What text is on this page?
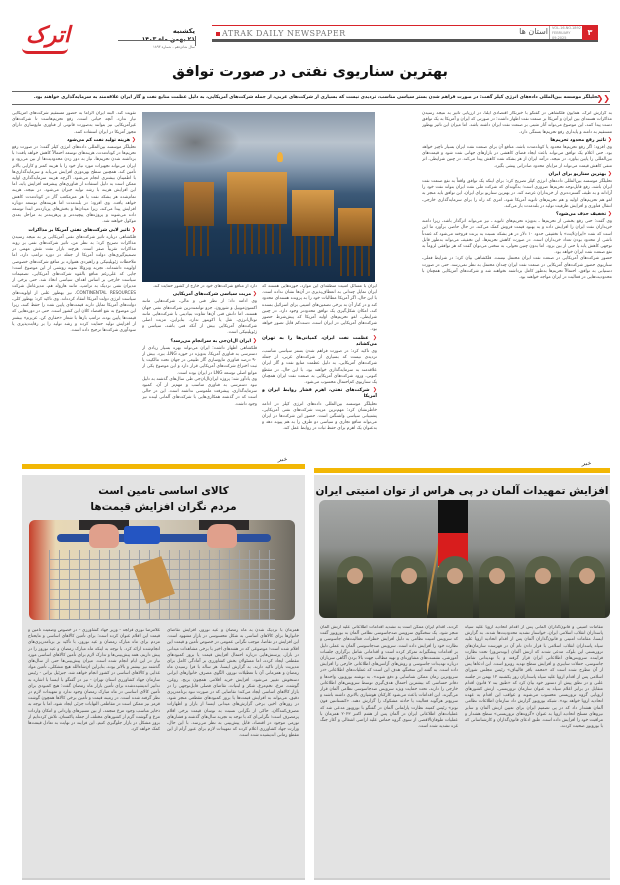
اترک	یکشنبه
سال شانزدهم - شماره ۱۸۹۳
ATRAK DAILY NEWSPAPER	استان ها VOL.16.NO.1892
FEBRUARY 09.2025
۳
بهترین سناریوی نفتی در صورت توافق
❮❮
تحلیلگر موسسه بین‌المللی داده‌های انرژی کپلر گفت: در صورت فراهم شدن بستر سیاسی مناسب، تردیدی نیست که بسیاری از شرکت‌های غربی، از جمله شرکت‌های آمریکایی، به دلیل عظمت منابع نفت و گاز ایران علاقه‌مند به سرمایه‌گذاری خواهند بود.

به گزارش اترک، همایون فلکشاهی در گفتگو با خبرنگار اقتصادی ایلنا، در ارزیابی تاثیر به نتیجه رسیدن مذاکرات هسته‌ای بین ایران و آمریکا بر صنعت نفت اظهار داشت: در صورتی که ایران و آمریکا به یک توافق دست پیدا کنند، این موضوع می‌تواند آثار مثبتی بر صنعت نفت ایران داشته باشد. اما میزان این تاثیر بهطور مستقیم به دامنه و پایداری رفع تحریم‌ها بستگی دارد.

❮ تاثیر رفع محدود تحریم‌ها

وی افزود: اگر رفع تحریم‌ها محدود یا کوتاه‌مدت باشد، منافع آن برای صنعت نفت ایران بسیار ناچیز خواهد بود. حتی اعلام یک توافق می‌تواند باعث ایجاد فضای کاهشی در بازارهای جهانی نفت شود و قیمت‌های بین‌المللی را پایین بیاورد. در نتیجه، درآمد ایران از هر بشکه نفت کاهش پیدا می‌کند. در چنین شرایطی، اثر منفی کاهش قیمت می‌تواند از مزایای محدود صادراتی پیشی بگیرد.

❮ بهترین سناریو برای ایران

تحلیلگر موسسه بین‌المللی داده‌های انرژی کپلر تصریح کرد: برای اینکه یک توافق واقعاً به نفع صنعت نفت ایران باشد، رفع قابل‌توجه تحریم‌ها ضروری است؛ به‌گونه‌ای که شرکت ملی نفت ایران بتواند نفت خود را آزادانه و به طیف گسترده‌تری از خریداران عرضه کند. در بهترین سناریو برای ایران، این توافق باید منجر به لغو هم تحریم‌های اولیه و هم تحریم‌های ثانویه آمریکا شود، امری که راه را برای سرمایه‌گذاری خارجی، انتقال فناوری و افزایش ظرفیت تولید در بلندمدت باز می‌کند.

❮ تخفیف حذف می‌شود؟

وی گفت: حتی رفع بخشی از تحریم‌ها ـ به‌ویژه تحریم‌های ثانویه ـ نیز می‌تواند اثرگذار باشد، زیرا دامنه خریداران نفت ایران را افزایش داده و به بهبود قیمت فروش کمک می‌کند. در حال حاضر، برآورد ما این است که نفت «ایران‌لایت» با تخفیفی حدود ۱۰ دلار در هر بشکه نسبت به برنت فروخته می‌شود که عمدتاً ناشی از محدود بودن تعداد خریداران است. در صورت کاهش تحریم‌ها، این تخفیف می‌تواند به‌طور قابل توجهی کاهش یابد یا حتی از بین برود. اما بدون چنین تحولی، به سختی می‌توان گفت که هر توافقی لزوماً به نفع صنعت نفت ایران خواهد بود.

حضور شرکت‌های آمریکایی در صنعت نفت ایران محتمل نیست. فلکشاهی بیان کرد: در شرایط فعلی، سناریوی حضور شرکت‌های آمریکایی در صنعت نفت ایران چندان محتمل به نظر نمی‌رسد. حتی در صورت دستیابی به توافق، احتمالاً تحریم‌ها به‌طور کامل برداشته نخواهند شد و شرکت‌های آمریکایی همچنان با محدودیت‌هایی در فعالیت در ایران مواجه خواهند بود.

ایران با مسائل امنیت منطقه‌ای این موارد، حوزه‌هایی هستند که ایران تمایل چندانی به انعطاف‌پذیری در آن‌ها نشان نداده است. با این حال، اگر آمریکا مطالبات خود را به پرونده هسته‌ای محدود کند و در کنار آن به برخی تضمین‌های امنیتی برای اسرائیل بسنده کند، امکان شکل‌گیری یک توافق محدودتر وجود دارد. در چنین شرایطی، لغو تحریم‌های اولیه آمریکا که پیش‌شرط حضور شرکت‌های آمریکایی در ایران است، دست‌کم قابل تصور خواهد بود.

❮ عظمت نفت ایران، کمپانی‌ها را به تهران می‌کشاند

وی تاکید کرد: در صورت فراهم شدن بستر سیاسی مناسب، تردیدی نیست که بسیاری از شرکت‌های غربی، از جمله شرکت‌های آمریکایی، به دلیل عظمت منابع نفت و گاز ایران علاقه‌مند به سرمایه‌گذاری خواهند بود. با این حال، در مقطع کنونی، ورود شرکت‌های آمریکایی به صنعت نفت ایران همچنان یک سناریوی کم‌احتمال محسوب می‌شود.

❮ شرکت‌های نفتی، اهرم فشار روابط ایران و آمریکا

تحلیلگر موسسه بین‌المللی داده‌های انرژی کپلر در ادامه خاطرنشان کرد: مهم‌ترین مزیت شرکت‌های نفتی آمریکایی، پشتیبانی سیاسی واشنگتن است. حضور این شرکت‌ها در ایران می‌تواند منافع تجاری و سیاسی دو طرف را به هم پیوند دهد و به‌عنوان یک اهرم برای حفظ ثبات در روابط عمل کند.

دارد از منافع شرکت‌های خود در خارج از کشور حمایت کند.

❮ مزیت سیاسی شرکت‌های آمریکایی

وی ادامه داد: از نظر فنی و مالی، شرکت‌هایی مانند اکسون‌موبیل و شورون، جزو توانمندترین شرکت‌های نفتی جهان هستند، اما دانش فنی آن‌ها تفاوت بنیادینی با شرکت‌هایی مانند توتال‌انرژی، شل یا اکوینور ندارد. بنابراین، مزیت اصلی شرکت‌های آمریکایی بیش از آنکه فنی باشد، سیاسی و ژئوپلیتیکی است.

❮ ایران ال‌ان‌جی به سرانجام می‌رسد؟

فلکشاهی اظهار داشت: ایران می‌تواند بهره بسیار زیادی از دسترسی به فناوری آمریکا، به‌ویژه در حوزه LNG، ببرد. بیش از ۹۰ درصد فناوری مایع‌سازی گاز طبیعی در جهان تحت مالکیت یا ثبت اختراع شرکت‌های آمریکایی قرار دارد و این موضوع یکی از موانع اصلی توسعه LNG در ایران بوده است.

وی یادآور شد: پروژه ایران‌ال‌ان‌جی طی سال‌های گذشته به دلیل نبود دسترسی به فناوری مناسب و مهم‌تر از آن، کمبود سرمایه‌گذاری، پیشرفت ملموسی نداشته است. این در حالی است که در گذشته همکاری‌هایی با شرکت‌های آلمانی لینده نیز وجود داشت.

تقویت کند. البته ایران الزاماً به حضور مستقیم شرکت‌های آمریکایی نیاز ندارد. آنچه حیاتی است، رفع تحریم‌هاست تا شرکت‌های غیرآمریکایی نیز بتوانند به‌صورت قانونی از فناوری مایع‌سازی دارای مجوز آمریکا در ایران استفاده کنند.

❮ هزینه تولید نفت کم می‌شود

تحلیلگر موسسه بین‌المللی داده‌های انرژی کپلر گفت: در صورت رفع تحریم‌ها در کوتاه‌مدت، هزینه‌های توسعه احتمالاً کاهش خواهد یافت؛ با برداشته شدن تحریم‌ها، نیاز به دور زدن محدودیت‌ها از بین می‌رود و ایران می‌تواند تجهیزات مورد نیاز خود را با هزینه کمتر و کارایی بالاتر تأمین کند. همچنین سطح بهره‌وری افزایش می‌یابد و سرمایه‌گذاری‌ها با اطمینان بیشتری انجام می‌شود. اگرچه هزینه سرمایه‌گذاری اولیه ممکن است به دلیل استفاده از فناوری‌های پیشرفته افزایش یابد، اما این افزایش هزینه با رشد تولید جبران می‌شود. در نتیجه، هزینه تمام‌شده هر بشکه نفت یا هر مترمکعب گاز در کوتاه‌مدت کاهش خواهد یافت. وی افزود: در بلندمدت اما هزینه‌های توسعه دوباره افزایش پیدا می‌کند، زیرا میدان‌ها و بخش‌های پربازده‌تر ابتدا توسعه داده می‌شوند و پروژه‌های پیچیده‌تر و پرهزینه‌تر به مراحل بعدی موکول خواهند شد.

❮ تاثیر لابی شرکت‌های نفتی آمریکا بر مذاکرات

فلکشاهی درباره تاثیر شرکت‌های نفتی آمریکایی بر به نتیجه رسیدن مذاکرات تصریح کرد: به نظر من، تاثیر شرکت‌های نفتی بر روند مذاکرات تقریباً صفر است. هرچند بازار نفت نقش مهمی در تصمیم‌گیری‌های دولت آمریکا از جمله در دوره ترامپ دارد، اما ملاحظات ژئوپلیتیکی و راهبردی همواره بر منافع شرکت‌های خصوصی اولویت داشته‌اند. تجربه ونزوئلا نمونه روشنی از این موضوع است؛ جایی که علی‌رغم منافع بالقوه شرکت‌های آمریکایی، تصمیمات سیاست خارجی بر اساس اهداف سیاسی اتخاذ شد. حتی برخی از مدیران نفتی نزدیک به ترامپ، مانند هارولد هم، مدیرعامل شرکت CONTINENTAL RESOURCES، نیز بهطور علنی از اولویت‌های سیاست انرژی دولت آمریکا انتقاد کرده‌اند. وی تاکید کرد: بهطور کلی، دولت‌های آمریکا تمایل دارند قیمت‌های پایین نفت را حفظ کنند، زیرا این موضوع به نفع اقتصاد کلان این کشور است. حتی در دوره‌هایی که قیمت‌ها پایین بوده، ترامپ بارها با شعار «حفاری کن، عزیزم» بیشتر از افزایش تولید حمایت کرده و رشد تولید را بر رقابت‌پذیری یا سودآوری شرکت‌ها ترجیح داده است.

خبر
افزایش تمهیدات آلمان در پی هراس از توان امنیتی ایران
مقامات امنیتی و قانون‌گذاران آلمانی پس از اقدام اتحادیه اروپا علیه سپاه پاسداران انقلاب اسلامی ایران، خواستار تشدید محدودیت‌ها شدند. به گزارش ایسنا، مقامات امنیتی و قانون‌گذاران آلمان پس از اقدام اتحادیه اروپا علیه سپاه پاسداران انقلاب اسلامی با قرار دادن نام آن در فهرست سازمان‌های تروریستی این بلوک، مدعی شدند که ارتش آلمان (بوندس‌ور) تحت نظارت فزاینده سرویس‌های اطلاعاتی ایران قرار گرفته و با تهدیداتی شامل جاسوسی، حملات سایبری و افزایش سطح تهدید روبرو است. این ادعاها پس از آن مطرح شده است که «محمد باقر قالیباف» رئیس مجلس شورای اسلامی پس از اقدام اروپا علیه سپاه پاسداران روز یکشنبه ۱۲ بهمن در جلسه علنی و در نطق پیش از دستور خود بیان کرد که «طبق بند ۷ قانون اقدام متقابل در برابر اعلام سپاه به عنوان سازمان تروریستی، ارتش کشورهای اروپایی گروه تروریستی محسوب می‌شوند و عواقب این اقدام به عهده اتحادیه اروپا خواهد بود». شبکه بوروپوز گزارش داد سازمان اطلاعات نظامی آلمان هشدار داد که در پی تصمیم ایران برای تعیین ارتش آلمان و سایر نیروهای مسلح اتحادیه اروپا به عنوان «گروه‌های تروریستی» سطح هشدار و مراقبت خود را افزایش داده است. طبق ادعای قانون‌گذاران و کارشناسانی که با بوروپوز صحبت کردند،
کردند، اقدام ایران ممکن است به تشدید اقدامات اطلاعاتی علیه ارتش آلمان منجر شود. یک سخنگوی سرویس ضدجاسوسی نظامی آلمان به بوروپوز گفت که سرویس امنیت نظامی به دلیل افزایش خطرات، فعالیت‌های جاسوسی و نظارت خود را افزایش داده است. سرویس ضدجاسوسی آلمان به عملی دلیل بر اقدامات پیشگیرانه تمرکز کرده است و اقداماتی شامل برگزاری جلسات آموزشی، نشست‌های مشاوره‌ای و تهیه مطالب جهت بالا بردن آگاهی سربازان درباره تهدیدات جاسوسی و روش‌های آژانس‌های اطلاعاتی خارجی را افزایش داده است. به گفته این سخنگو، هدف این است که عملیات‌های اطلاعاتی «در سریع‌ترین زمان ممکن شناسایی و دفع شوند». به نوشته بوروپوز، واحدها و دفاتر حساسی که بیشترین احتمال هدف‌گیری توسط سرویس‌های اطلاعاتی خارجی را دارند، تحت حمایت ویژه سرویس ضدجاسوسی نظامی آلمان قرار می‌گیرند. این اقدامات باعث می‌شود کارکنان هوشیاری بالاتری داشته باشند و سریع‌تر هرگونه فعالیت یا حادثه مشکوک را گزارش دهند. «کنستانتین فون نوتز» رئیس کمیته نظارت پارلمانی آلمان در گفتگو با بوروپوز مدعی شد که عملیات‌های اطلاعاتی ایران در آلمان پس از هفتم اکتبر ۲۰۲۳ همزمان با عملیات طوفان‌الاقصی از سوی گروه حماس علیه اراضی اشغالی و آغاز جنگ غزه تشدید شده است.
خبر
کالای اساسی تامین است
مردم نگران افزایش قیمت‌ها
همزمان با نزدیک شدن به ماه رمضان و عید نوروز، افزایش تقاضای خانوارها برای کالاهای اساسی به شکل محسوسی در بازار مشهود است. این افزایش در تقاضا، موجب نگرانی عمومی در خصوص تأمین و قیمت این اقلام شده است؛ موضوعی که در هفته‌های اخیر با برخی مشاهدات میدانی در بازار، پرسش‌هایی درباره احتمال افزایش قیمت یا بروز کمبودهای مقطعی ایجاد کرده، اما مسئولان بخش کشاورزی بر آمادگی کامل برای مدیریت بازار تاکید دارند. به گزارش ایسنا، هر ساله با فرا رسیدن ماه رمضان و همزمانی آن با تعطیلات نوروز، الگوی مصرف خانوارهای ایرانی دستخوش تغییر می‌شود. افزایش خرید اقلامی همچون برنج، روغن، گوشت، مرغ، تخم‌مرغ، شکر و لبنیات، تقاضای فصلی قابل‌توجهی را در بازار کالاهای اساسی ایجاد می‌کند؛ تقاضایی که در صورت نبود برنامه‌ریزی دقیق، می‌تواند به افزایش قیمت‌ها یا بروز کمبودهای مقطعی منجر شود. در روزهای اخیر، برخی گزارش‌های میدانی ایسنا از بازار و اظهارات مصرف‌کنندگان، حاکی از نگرانی نسبت به نوسان قیمت برخی اقلام پرمصرف است؛ نگرانی‌ای که با توجه به تجربه سال‌های گذشته و فشارهای تورمی موجود در اقتصاد، قابل پیش‌بینی به نظر می‌رسد. با این حال، وزارت جهاد کشاورزی اعلام کرده که تمهیدات لازم برای عبور آرام از این مقطع زمانی اندیشیده شده است.
غلامرضا نوری قزلجه - وزیر جهاد کشاورزی - در خصوص وضعیت تأمین و قیمت این اقلام عنوان کرده است: برای تأمین کالاهای اساسی و مایحتاج مردم برای ماه مبارک رمضان و عید نوروز، با تأکید بر برنامه‌ریزی‌های انجام‌شده ارائه کرد. با توجه به اینکه ماه مبارک رمضان و عید نوروز را در پیش داریم، همه پیش‌بینی‌ها و تدارک لازم برای تأمین کالاهای اساسی مورد نیاز در این ایام انجام شده است. میزان پیش‌بینی‌ها حتی از سال‌های گذشته نیز بیشتر و بالاتر بوده، بنابراین ان‌شاءالله هیچ مشکلی، تأمین مواد غذایی و کالاهای اساسی در کشور انجام خواهد شد. جبرئیل براتی - رئیس سازمان جهاد کشاورزی استان تهران - نیز در گفتگو با ایسنا با اشاره به تدابیر اندیشیده‌شده برای تأمین بازار ماه رمضان گفت: هیچ کمبودی برای تأمین کالای اساسی در ماه مبارک رمضان وجود ندارد و تمهیدات لازم در نظر گرفته شده است. در زمینه قیمت و تأمین برخی کالاها همچون گوشت قرمز نیز ممکن است در مقاطعی التهابات جزئی ایجاد شود، اما با توجه به ذخایر مناسب وجود مرغ منجمد، از بین مسیرهای وارداتی و امکان واردات مرغ و گوشت گرم از کشورهای مختلف از جمله پاکستان، تلاش کرده‌ایم از بروز مشکل در بازار جلوگیری کنیم. این فرایند در نهایت به تعادل قیمت‌ها کمک خواهد کرد.
